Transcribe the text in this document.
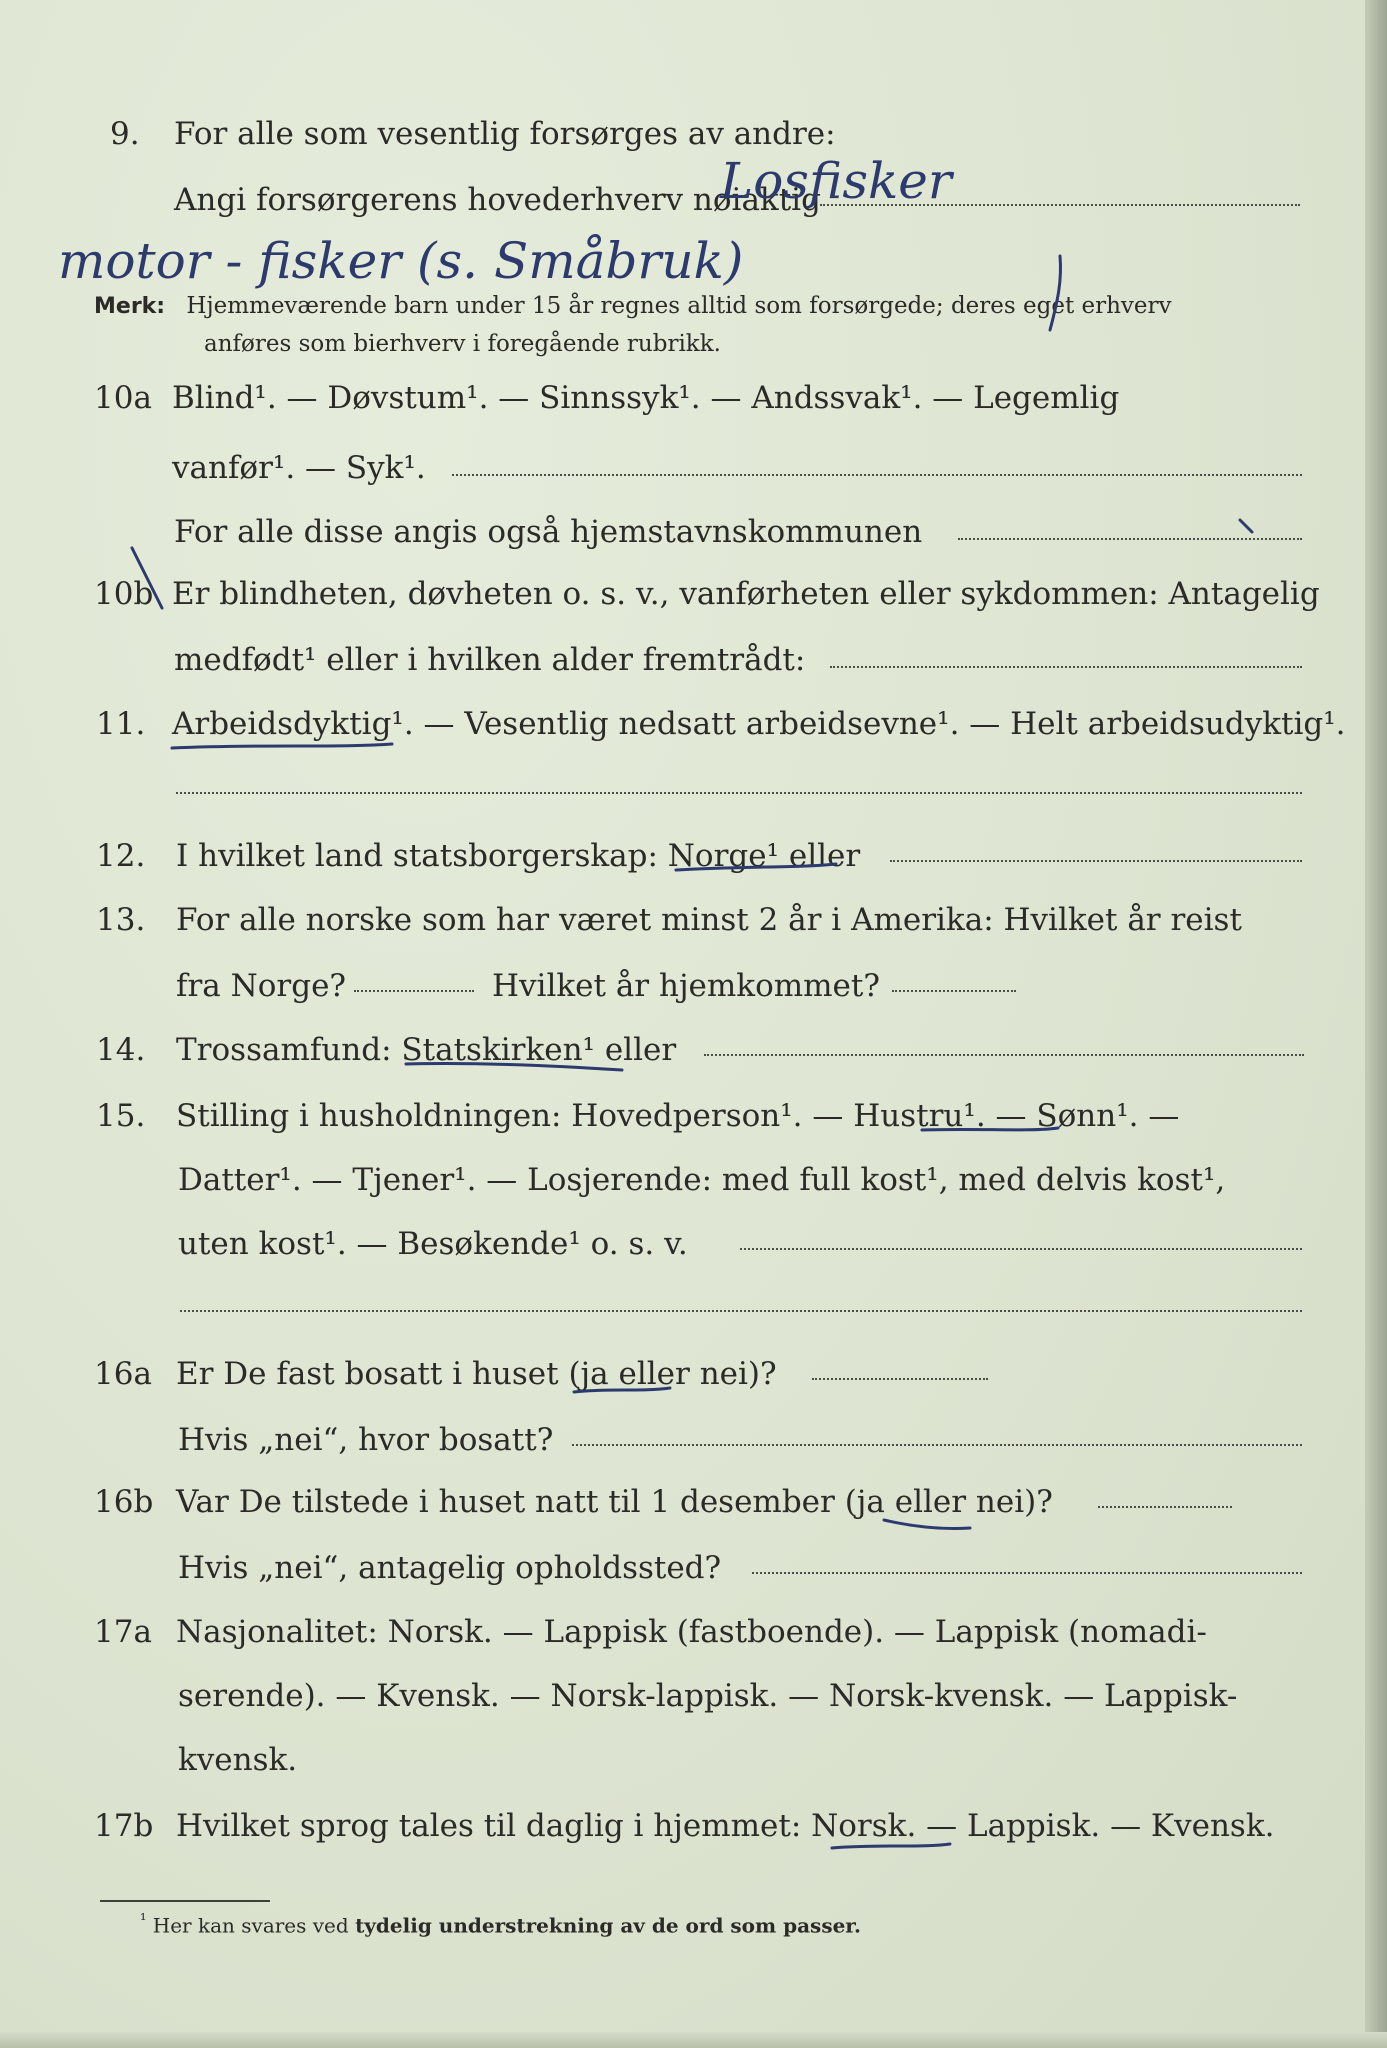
9. For alle som vesentlig forsørges av andre:
Angi forsørgerens hovederhverv nøiaktig
Losfisker
motor - fisker (s. Småbruk)
Merk: Hjemmeværende barn under 15 år regnes alltid som forsørgede; deres eget erhverv
anføres som bierhverv i foregående rubrikk.
10a Blind¹. — Døvstum¹. — Sinnssyk¹. — Andssvak¹. — Legemlig
vanfør¹. — Syk¹.
For alle disse angis også hjemstavnskommunen
10b Er blindheten, døvheten o. s. v., vanførheten eller sykdommen: Antagelig
medfødt¹ eller i hvilken alder fremtrådt:
11. Arbeidsdyktig¹. — Vesentlig nedsatt arbeidsevne¹. — Helt arbeidsudyktig¹.
12. I hvilket land statsborgerskap: Norge¹ eller
13. For alle norske som har været minst 2 år i Amerika: Hvilket år reist
fra Norge?	Hvilket år hjemkommet?
14. Trossamfund: Statskirken¹ eller
15. Stilling i husholdningen: Hovedperson¹. — Hustru¹. — Sønn¹. —
Datter¹. — Tjener¹. — Losjerende: med full kost¹, med delvis kost¹,
uten kost¹. — Besøkende¹ o. s. v.
16a Er De fast bosatt i huset (ja eller nei)?
Hvis „nei“, hvor bosatt?
16b Var De tilstede i huset natt til 1 desember (ja eller nei)?
Hvis „nei“, antagelig opholdssted?
17a Nasjonalitet: Norsk. — Lappisk (fastboende). — Lappisk (nomadi-
serende). — Kvensk. — Norsk-lappisk. — Norsk-kvensk. — Lappisk-
kvensk.
17b Hvilket sprog tales til daglig i hjemmet: Norsk. — Lappisk. — Kvensk.
$^{^1}$ Her kan svares ved tydelig understrekning av de ord som passer.
